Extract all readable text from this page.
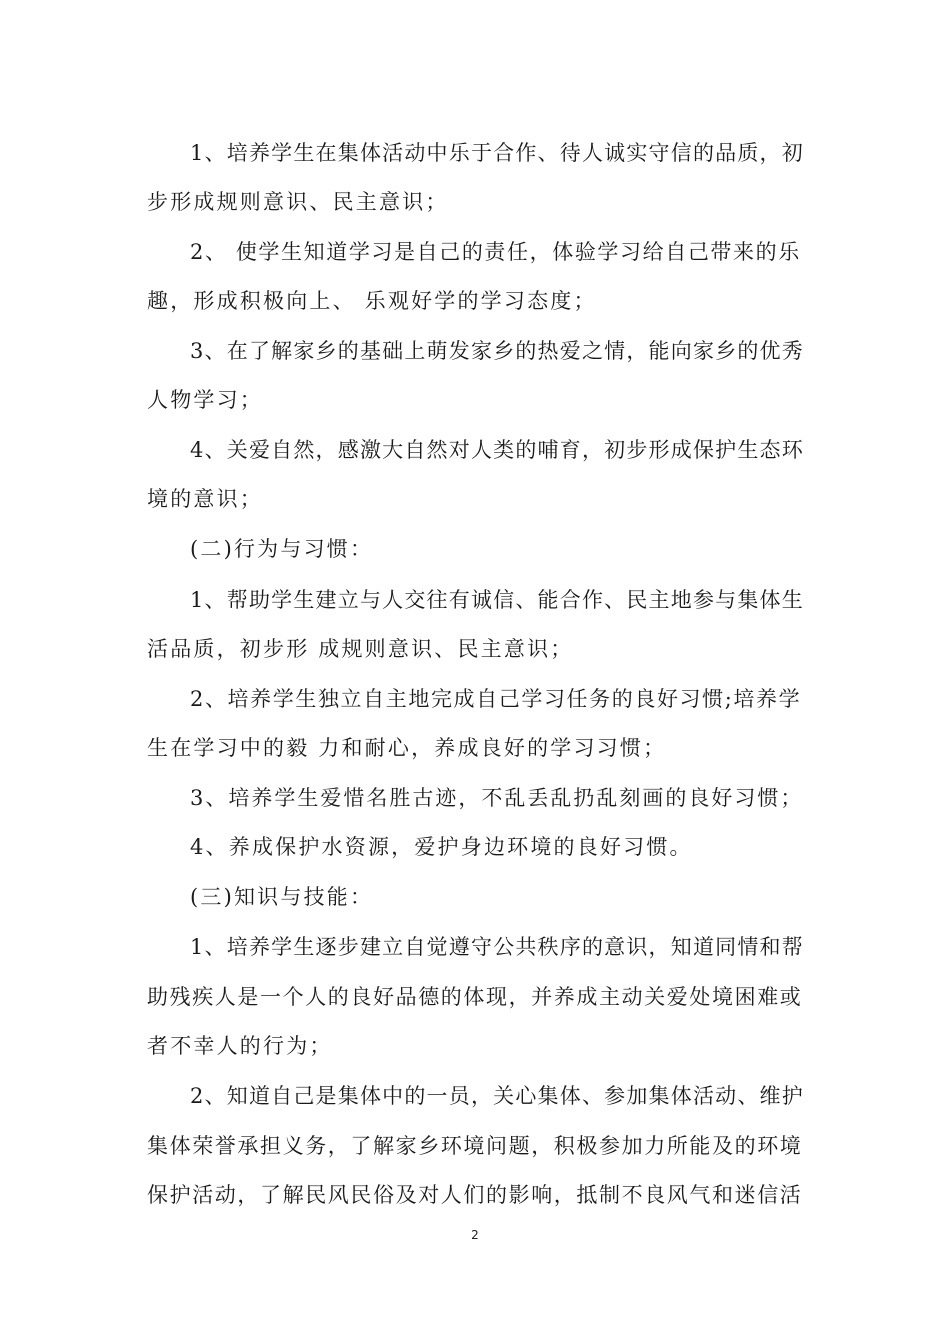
1、培养学生在集体活动中乐于合作、待人诚实守信的品质，初
步形成规则意识、民主意识；
2、 使学生知道学习是自己的责任，体验学习给自己带来的乐
趣，形成积极向上、 乐观好学的学习态度；
3、在了解家乡的基础上萌发家乡的热爱之情，能向家乡的优秀
人物学习；
4、关爱自然，感激大自然对人类的哺育，初步形成保护生态环
境的意识；
(二)行为与习惯：
1、帮助学生建立与人交往有诚信、能合作、民主地参与集体生
活品质，初步形 成规则意识、民主意识；
2、培养学生独立自主地完成自己学习任务的良好习惯;培养学
生在学习中的毅 力和耐心，养成良好的学习习惯；
3、培养学生爱惜名胜古迹，不乱丢乱扔乱刻画的良好习惯；
4、养成保护水资源，爱护身边环境的良好习惯。
(三)知识与技能：
1、培养学生逐步建立自觉遵守公共秩序的意识，知道同情和帮
助残疾人是一个人的良好品德的体现，并养成主动关爱处境困难或
者不幸人的行为；
2、知道自己是集体中的一员，关心集体、参加集体活动、维护
集体荣誉承担义务，了解家乡环境问题，积极参加力所能及的环境
保护活动，了解民风民俗及对人们的影响，抵制不良风气和迷信活
2
